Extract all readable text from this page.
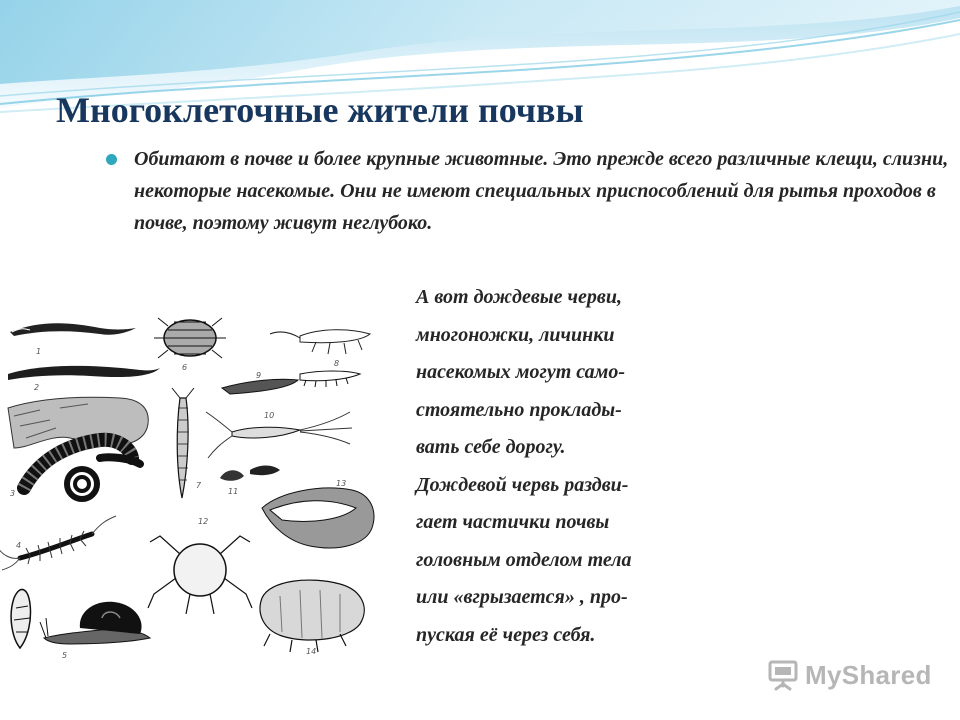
Многоклеточные жители почвы

Обитают в почве и более крупные животные. Это прежде всего различные клещи, слизни, некоторые насекомые. Они не имеют специальных приспособлений для рытья проходов в почве, поэтому живут неглубоко.

А вот дождевые черви,
многоножки, личинки
насекомых могут само-
стоятельно проклады-
вать себе дорогу.
Дождевой червь раздви-
гает частички почвы
головным отделом тела
или «вгрызается» , про-
пуская её через себя.
1
2
3
4
5
6
7
8
9
10
11
12
13
14
MyShared
